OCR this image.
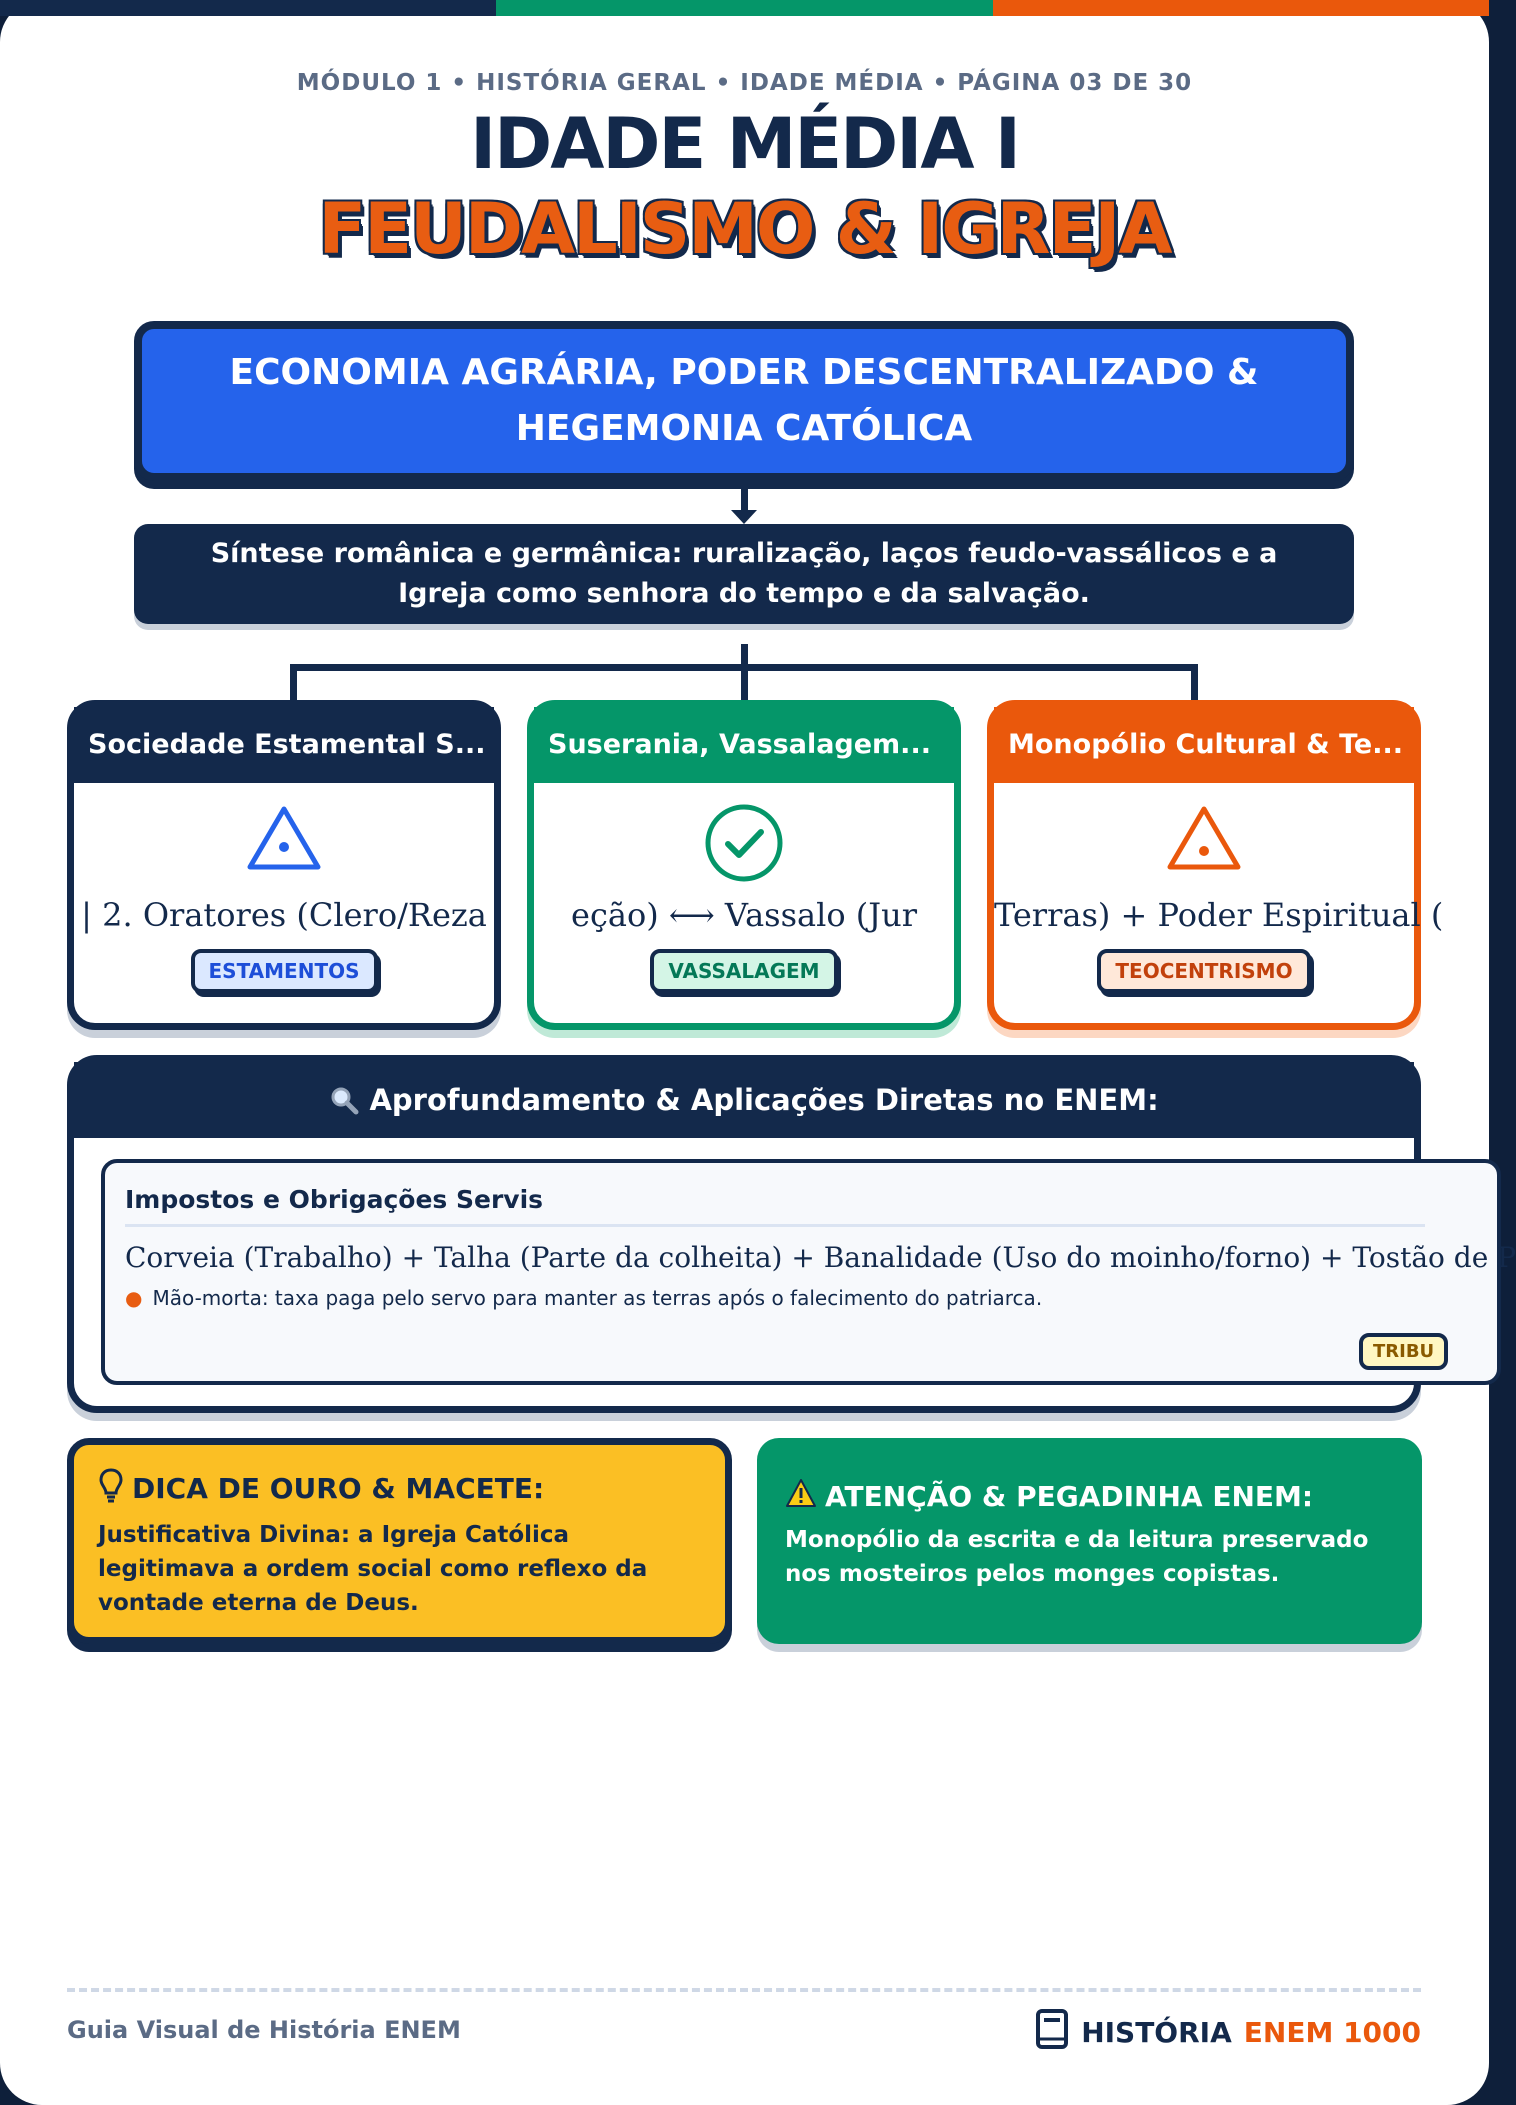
MÓDULO 1 • HISTÓRIA GERAL • IDADE MÉDIA • PÁGINA 03 DE 30
IDADE MÉDIA I
FEUDALISMO & IGREJA
ECONOMIA AGRÁRIA, PODER DESCENTRALIZADO &
HEGEMONIA CATÓLICA
Síntese românica e germânica: ruralização, laços feudo-vassálicos e a
Igreja como senhora do tempo e da salvação.
Sociedade Estamental S...
| 2. Oratores (Clero/Reza
ESTAMENTOS
Suserania, Vassalagem...
eção) ⟷ Vassalo (Jur
VASSALAGEM
Monopólio Cultural & Te...
Terras) + Poder Espiritual (
TEOCENTRISMO
Aprofundamento & Aplicações Diretas no ENEM:
Impostos e Obrigações Servis
Corveia (Trabalho) + Talha (Parte da colheita) + Banalidade (Uso do moinho/forno) + Tostão de P
● Mão-morta: taxa paga pelo servo para manter as terras após o falecimento do patriarca.
TRIBU
DICA DE OURO & MACETE:
Justificativa Divina: a Igreja Católica legitimava a ordem social como reflexo da vontade eterna de Deus.
ATENÇÃO & PEGADINHA ENEM:
Monopólio da escrita e da leitura preservado nos mosteiros pelos monges copistas.
Guia Visual de História ENEM	HISTÓRIA ENEM 1000
